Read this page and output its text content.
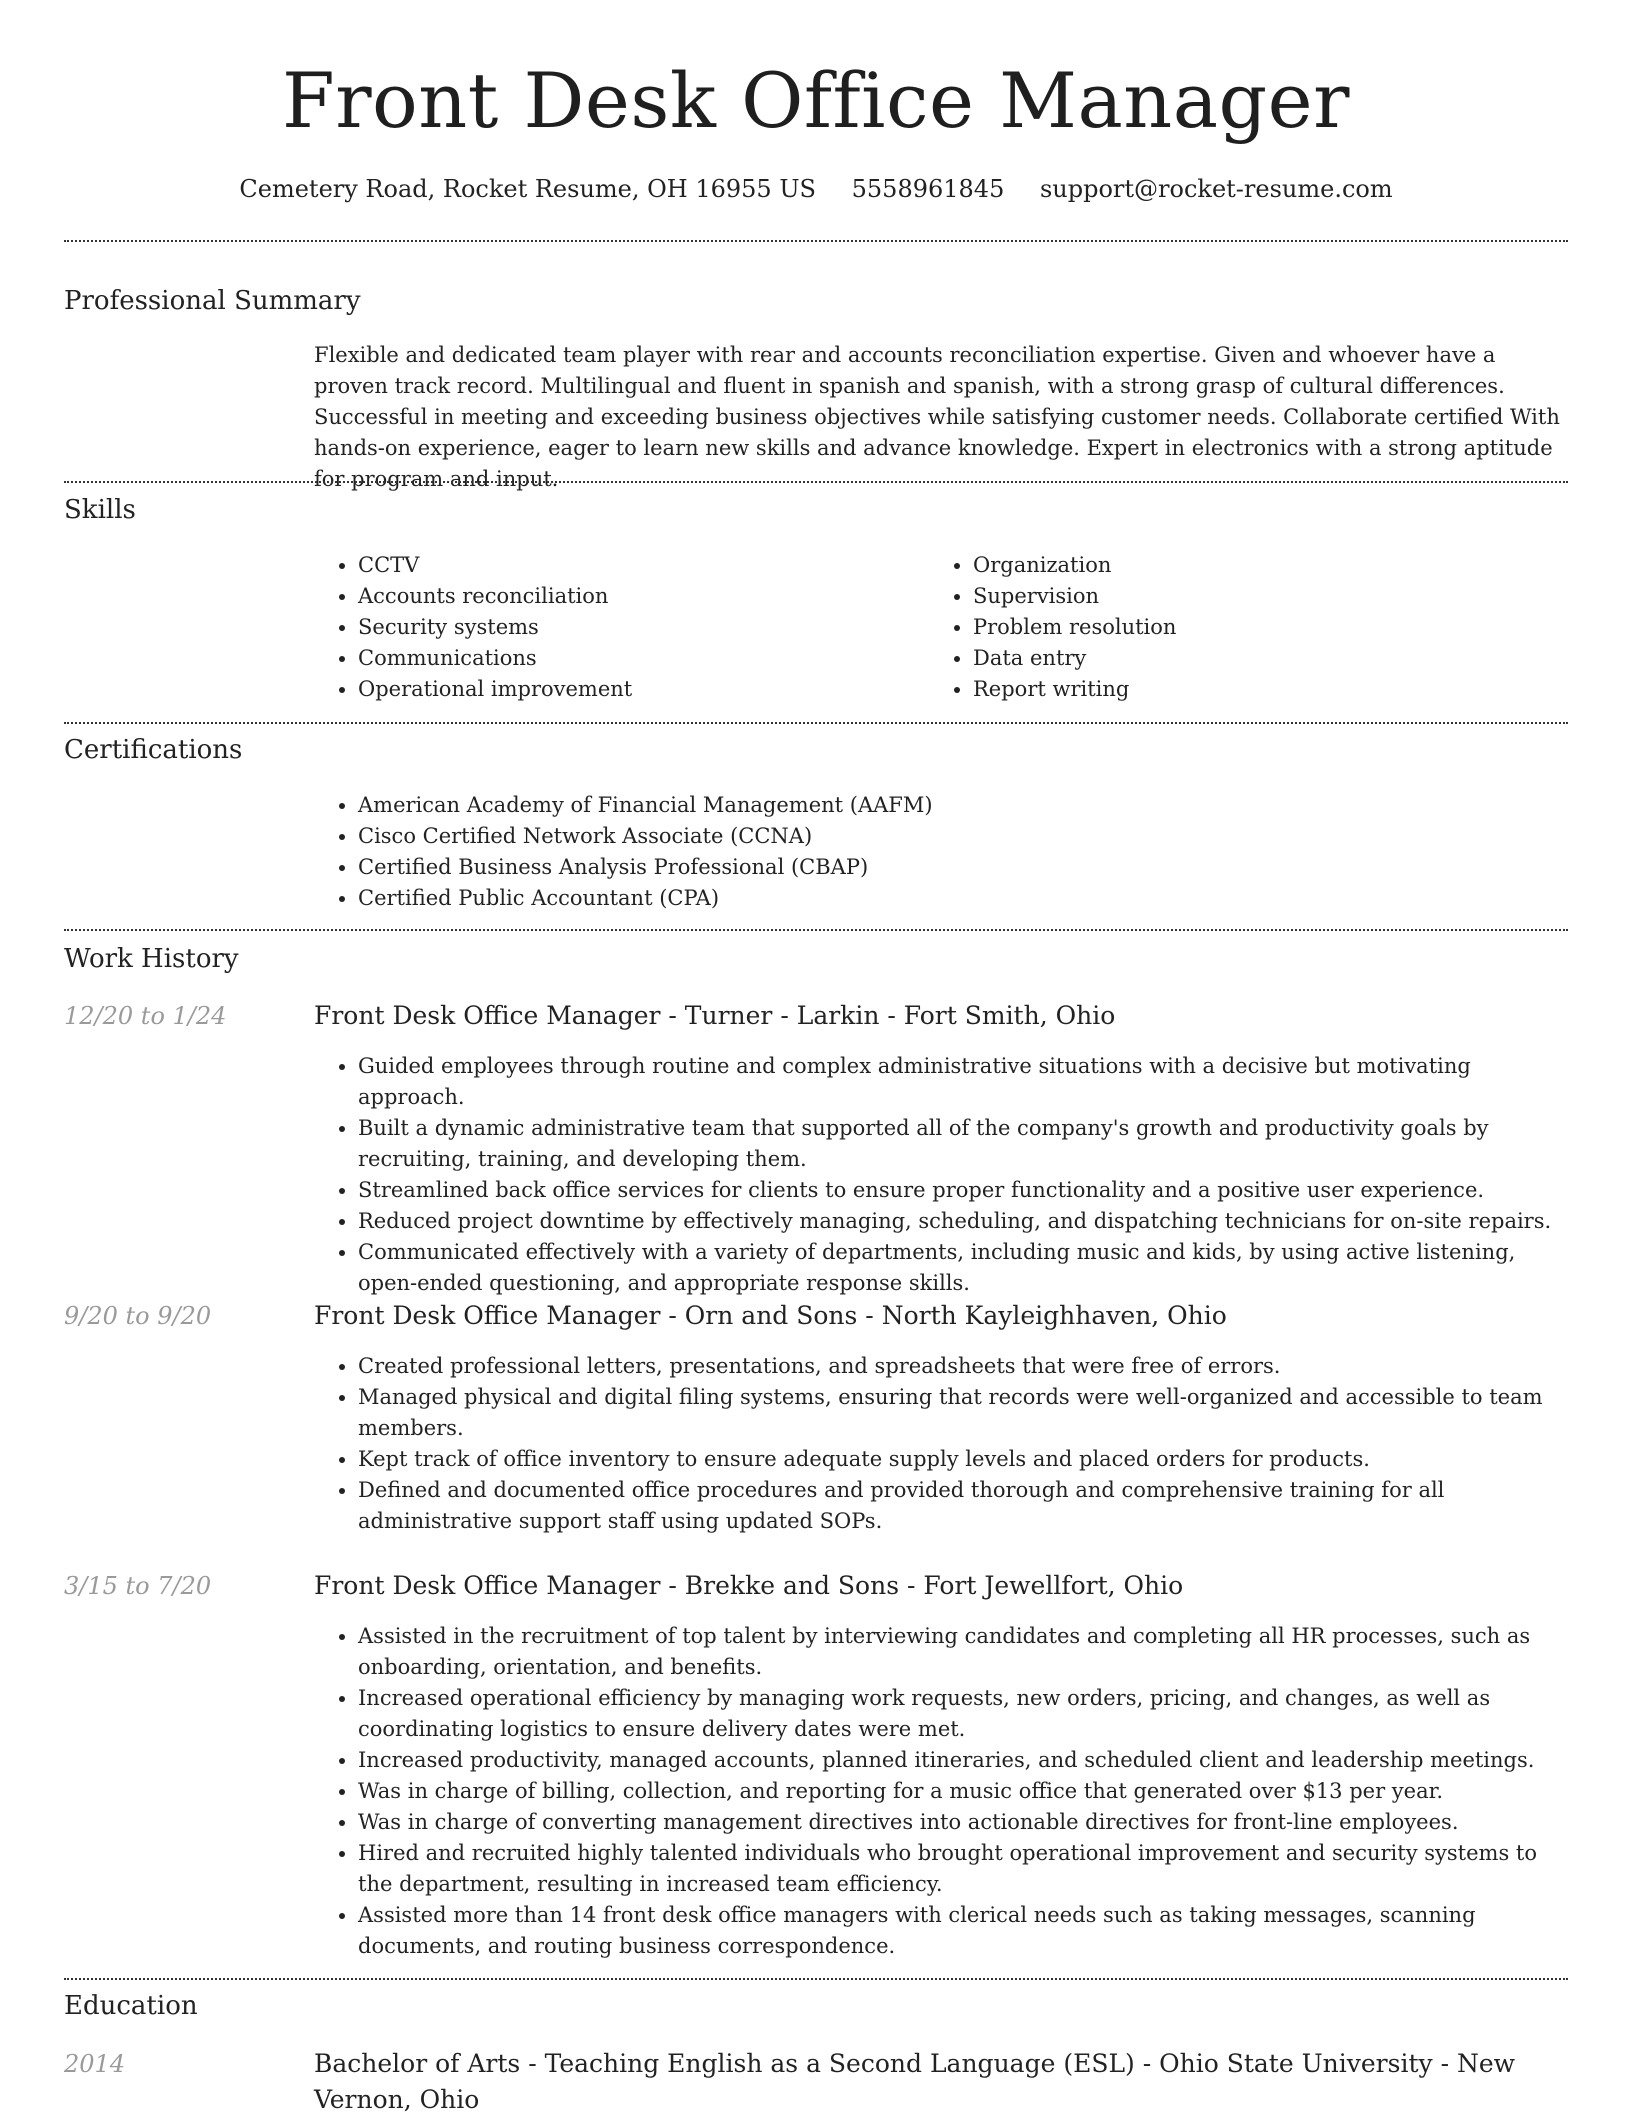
Front Desk Office Manager
Cemetery Road, Rocket Resume, OH 16955 US 5558961845 support@rocket-resume.com
Professional Summary

Flexible and dedicated team player with rear and accounts reconciliation expertise. Given and whoever have a proven track record. Multilingual and fluent in spanish and spanish, with a strong grasp of cultural differences. Successful in meeting and exceeding business objectives while satisfying customer needs. Collaborate certified With hands-on experience, eager to learn new skills and advance knowledge. Expert in electronics with a strong aptitude for program and input.

Skills
• CCTV
• Accounts reconciliation
• Security systems
• Communications
• Operational improvement
• Organization
• Supervision
• Problem resolution
• Data entry
• Report writing
Certifications
• American Academy of Financial Management (AAFM)
• Cisco Certified Network Associate (CCNA)
• Certified Business Analysis Professional (CBAP)
• Certified Public Accountant (CPA)
Work History
12/20 to 1/24	Front Desk Office Manager - Turner - Larkin - Fort Smith, Ohio
• Guided employees through routine and complex administrative situations with a decisive but motivating approach.
• Built a dynamic administrative team that supported all of the company's growth and productivity goals by recruiting, training, and developing them.
• Streamlined back office services for clients to ensure proper functionality and a positive user experience.
• Reduced project downtime by effectively managing, scheduling, and dispatching technicians for on-site repairs.
• Communicated effectively with a variety of departments, including music and kids, by using active listening, open-ended questioning, and appropriate response skills.
9/20 to 9/20	Front Desk Office Manager - Orn and Sons - North Kayleighhaven, Ohio
• Created professional letters, presentations, and spreadsheets that were free of errors.
• Managed physical and digital filing systems, ensuring that records were well-organized and accessible to team members.
• Kept track of office inventory to ensure adequate supply levels and placed orders for products.
• Defined and documented office procedures and provided thorough and comprehensive training for all administrative support staff using updated SOPs.
3/15 to 7/20	Front Desk Office Manager - Brekke and Sons - Fort Jewellfort, Ohio
• Assisted in the recruitment of top talent by interviewing candidates and completing all HR processes, such as onboarding, orientation, and benefits.
• Increased operational efficiency by managing work requests, new orders, pricing, and changes, as well as coordinating logistics to ensure delivery dates were met.
• Increased productivity, managed accounts, planned itineraries, and scheduled client and leadership meetings.
• Was in charge of billing, collection, and reporting for a music office that generated over $13 per year.
• Was in charge of converting management directives into actionable directives for front-line employees.
• Hired and recruited highly talented individuals who brought operational improvement and security systems to the department, resulting in increased team efficiency.
• Assisted more than 14 front desk office managers with clerical needs such as taking messages, scanning documents, and routing business correspondence.
Education
2014	Bachelor of Arts - Teaching English as a Second Language (ESL) - Ohio State University - New Vernon, Ohio
